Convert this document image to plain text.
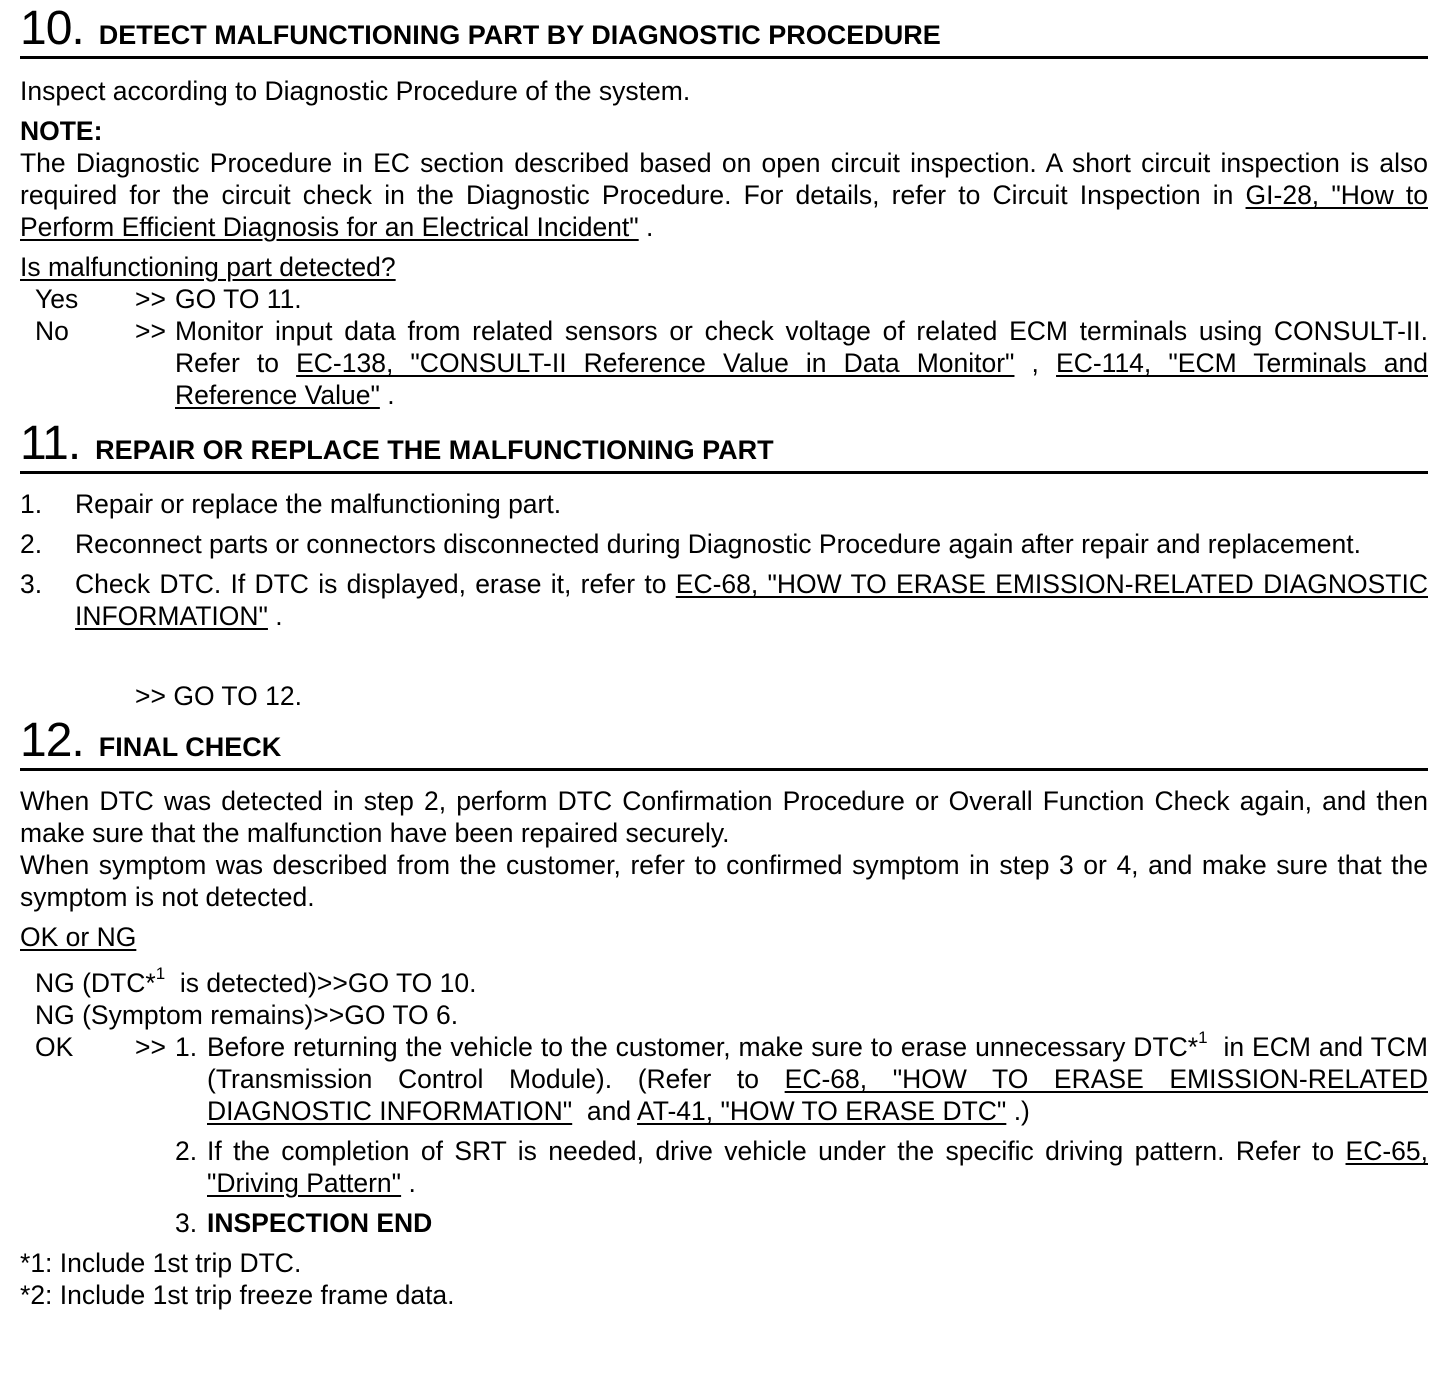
10 . DETECT MALFUNCTIONING PART BY DIAGNOSTIC PROCEDURE

Inspect according to Diagnostic Procedure of the system.

NOTE:

The Diagnostic Procedure in EC section described based on open circuit inspection. A short circuit inspection is also required for the circuit check in the Diagnostic Procedure. For details, refer to Circuit Inspection in GI-28, "How to Perform Efficient Diagnosis for an Electrical Incident" .

Is malfunctioning part detected?

Yes	>> GO TO 11.
No	>> Monitor input data from related sensors or check voltage of related ECM terminals using CONSULT-II. Refer to EC-138, "CONSULT-II Reference Value in Data Monitor" , EC-114, "ECM Terminals and Reference Value" .
11 . REPAIR OR REPLACE THE MALFUNCTIONING PART
1.	Repair or replace the malfunctioning part.
2.	Reconnect parts or connectors disconnected during Diagnostic Procedure again after repair and replacement.
3.	Check DTC. If DTC is displayed, erase it, refer to EC-68, "HOW TO ERASE EMISSION-RELATED DIAGNOSTIC INFORMATION" .

>> GO TO 12.

12 . FINAL CHECK

When DTC was detected in step 2, perform DTC Confirmation Procedure or Overall Function Check again, and then make sure that the malfunction have been repaired securely.

When symptom was described from the customer, refer to confirmed symptom in step 3 or 4, and make sure that the symptom is not detected.

OK or NG

NG (DTC*$^1$  is detected)>>GO TO 10.
NG (Symptom remains)>>GO TO 6.
OK	>> 1. Before returning the vehicle to the customer, make sure to erase unnecessary DTC*$^1$  in ECM and TCM (Transmission Control Module). (Refer to EC-68, "HOW TO ERASE EMISSION-RELATED DIAGNOSTIC INFORMATION"  and AT-41, "HOW TO ERASE DTC" .)
2. If the completion of SRT is needed, drive vehicle under the specific driving pattern. Refer to EC-65, "Driving Pattern" .
3. INSPECTION END

*1: Include 1st trip DTC.

*2: Include 1st trip freeze frame data.
